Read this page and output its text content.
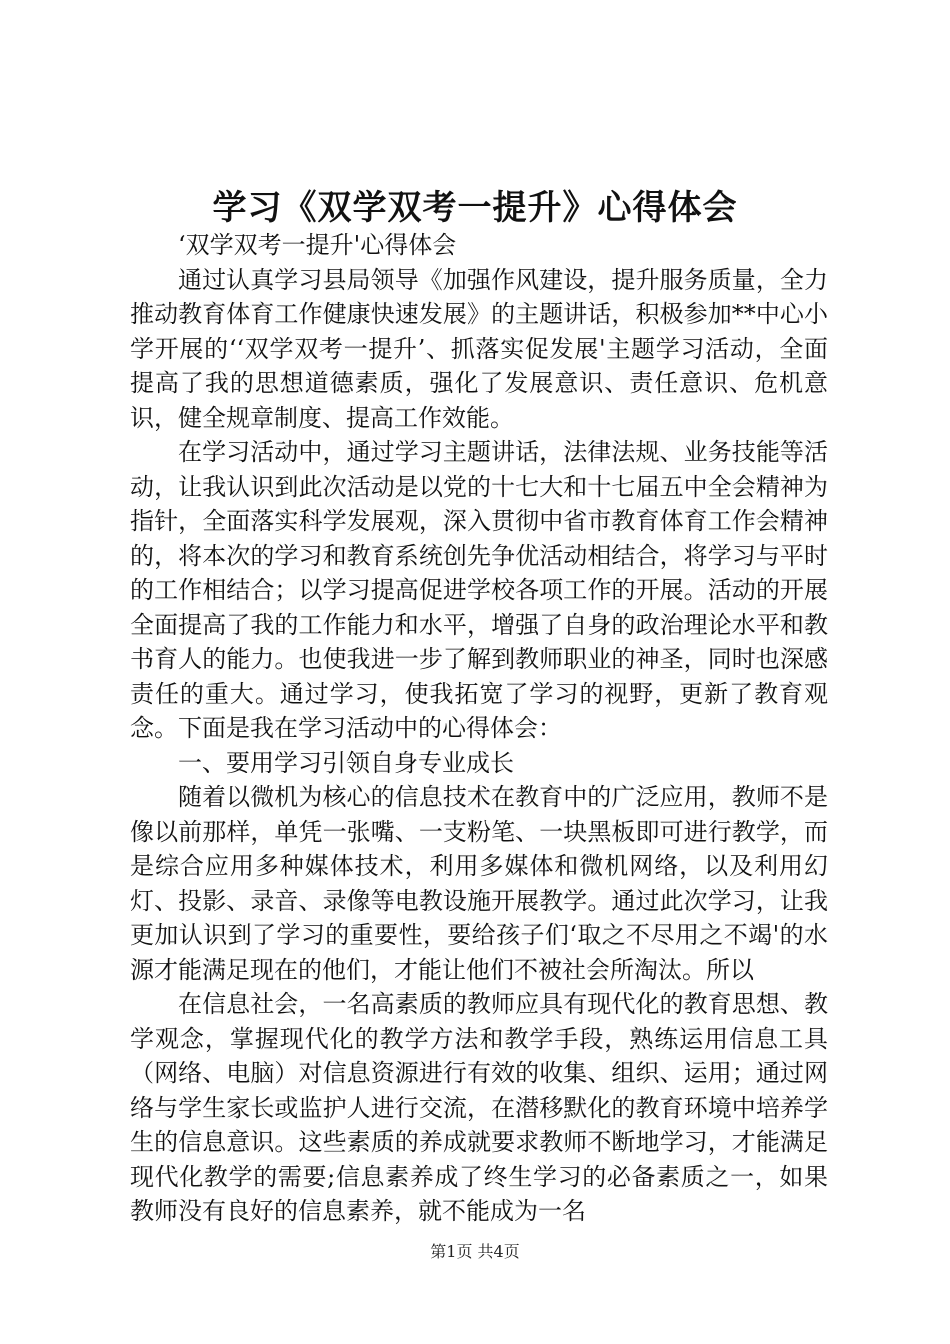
学习《双学双考一提升》心得体会

‘双学双考一提升'心得体会

通过认真学习县局领导《加强作风建设，提升服务质量，全力推动教育体育工作健康快速发展》的主题讲话，积极参加**中心小学开展的‘‘双学双考一提升’、抓落实促发展'主题学习活动，全面提高了我的思想道德素质，强化了发展意识、责任意识、危机意识，健全规章制度、提高工作效能。

在学习活动中，通过学习主题讲话，法律法规、业务技能等活动，让我认识到此次活动是以党的十七大和十七届五中全会精神为指针，全面落实科学发展观，深入贯彻中省市教育体育工作会精神的，将本次的学习和教育系统创先争优活动相结合，将学习与平时的工作相结合；以学习提高促进学校各项工作的开展。活动的开展全面提高了我的工作能力和水平，增强了自身的政治理论水平和教书育人的能力。也使我进一步了解到教师职业的神圣，同时也深感责任的重大。通过学习，使我拓宽了学习的视野，更新了教育观念。下面是我在学习活动中的心得体会：

一、要用学习引领自身专业成长

随着以微机为核心的信息技术在教育中的广泛应用，教师不是像以前那样，单凭一张嘴、一支粉笔、一块黑板即可进行教学，而是综合应用多种媒体技术，利用多媒体和微机网络，以及利用幻灯、投影、录音、录像等电教设施开展教学。通过此次学习，让我更加认识到了学习的重要性，要给孩子们‘取之不尽用之不竭'的水源才能满足现在的他们，才能让他们不被社会所淘汰。所以

在信息社会，一名高素质的教师应具有现代化的教育思想、教学观念，掌握现代化的教学方法和教学手段，熟练运用信息工具（网络、电脑）对信息资源进行有效的收集、组织、运用；通过网络与学生家长或监护人进行交流，在潜移默化的教育环境中培养学生的信息意识。这些素质的养成就要求教师不断地学习，才能满足现代化教学的需要;信息素养成了终生学习的必备素质之一，如果教师没有良好的信息素养，就不能成为一名

第1页 共4页
